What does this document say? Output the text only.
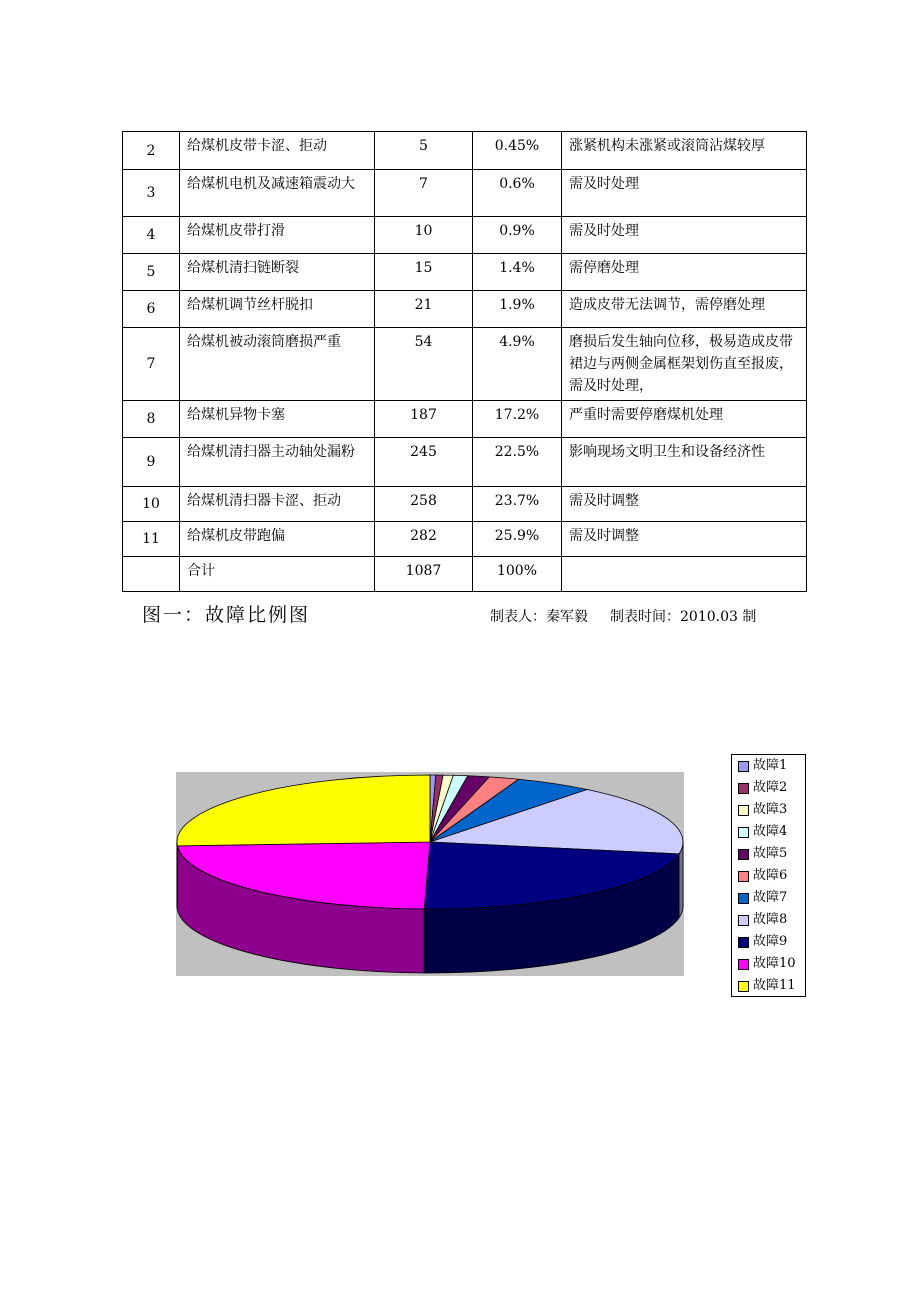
2	给煤机皮带卡涩、拒动	5	0.45%	涨紧机构未涨紧或滚筒沾煤较厚
3	给煤机电机及减速箱震动大	7	0.6%	需及时处理
4	给煤机皮带打滑	10	0.9%	需及时处理
5	给煤机清扫链断裂	15	1.4%	需停磨处理
6	给煤机调节丝杆脱扣	21	1.9%	造成皮带无法调节，需停磨处理
7	给煤机被动滚筒磨损严重	54	4.9%	磨损后发生轴向位移，极易造成皮带裙边与两侧金属框架划伤直至报废，需及时处理，
8	给煤机异物卡塞	187	17.2%	严重时需要停磨煤机处理
9	给煤机清扫器主动轴处漏粉	245	22.5%	影响现场文明卫生和设备经济性
10	给煤机清扫器卡涩、拒动	258	23.7%	需及时调整
11	给煤机皮带跑偏	282	25.9%	需及时调整
	合计	1087	100%	
图一：故障比例图	制表人：秦军毅 制表时间：2010.03 制
故障1
故障2
故障3
故障4
故障5
故障6
故障7
故障8
故障9
故障10
故障11
